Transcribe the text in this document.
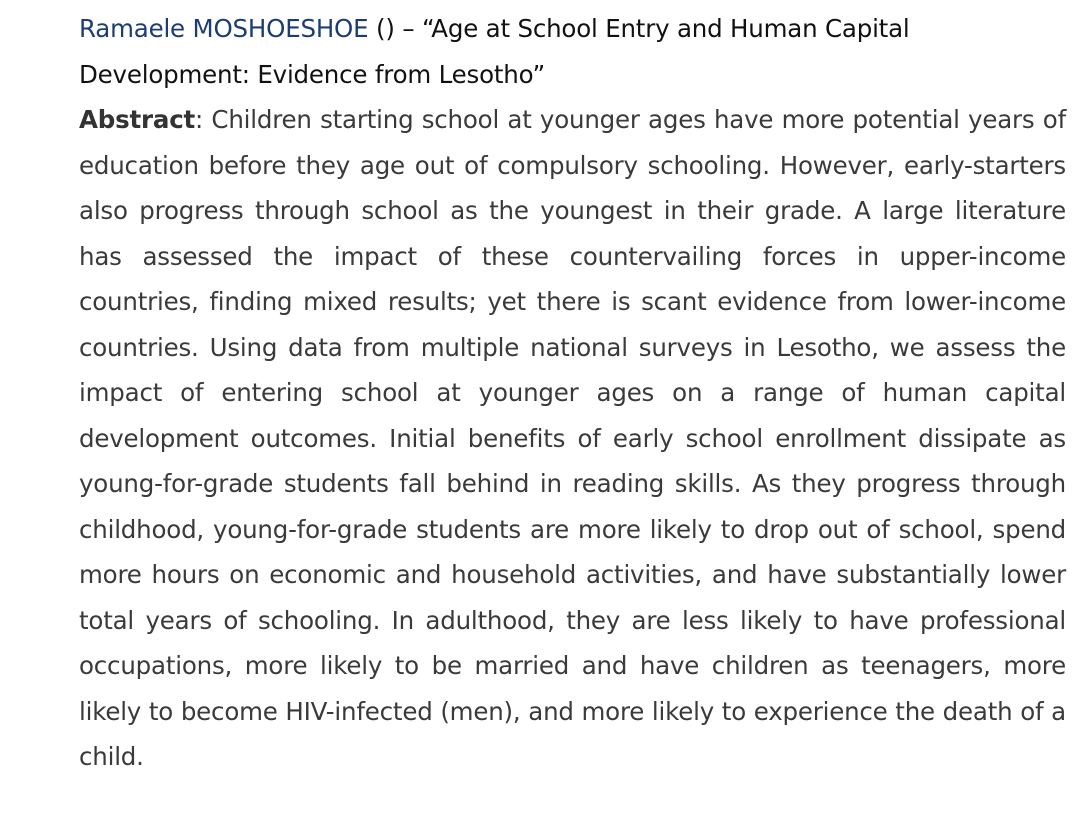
Ramaele MOSHOESHOE () – “Age at School Entry and Human Capital Development: Evidence from Lesotho”

Abstract: Children starting school at younger ages have more potential years of education before they age out of compulsory schooling. However, early-starters also progress through school as the youngest in their grade. A large literature has assessed the impact of these countervailing forces in upper-income countries, finding mixed results; yet there is scant evidence from lower-income countries. Using data from multiple national surveys in Lesotho, we assess the impact of entering school at younger ages on a range of human capital development outcomes. Initial benefits of early school enrollment dissipate as young-for-grade students fall behind in reading skills. As they progress through childhood, young-for-grade students are more likely to drop out of school, spend more hours on economic and household activities, and have substantially lower total years of schooling. In adulthood, they are less likely to have professional occupations, more likely to be married and have children as teenagers, more likely to become HIV-infected (men), and more likely to experience the death of a child.
